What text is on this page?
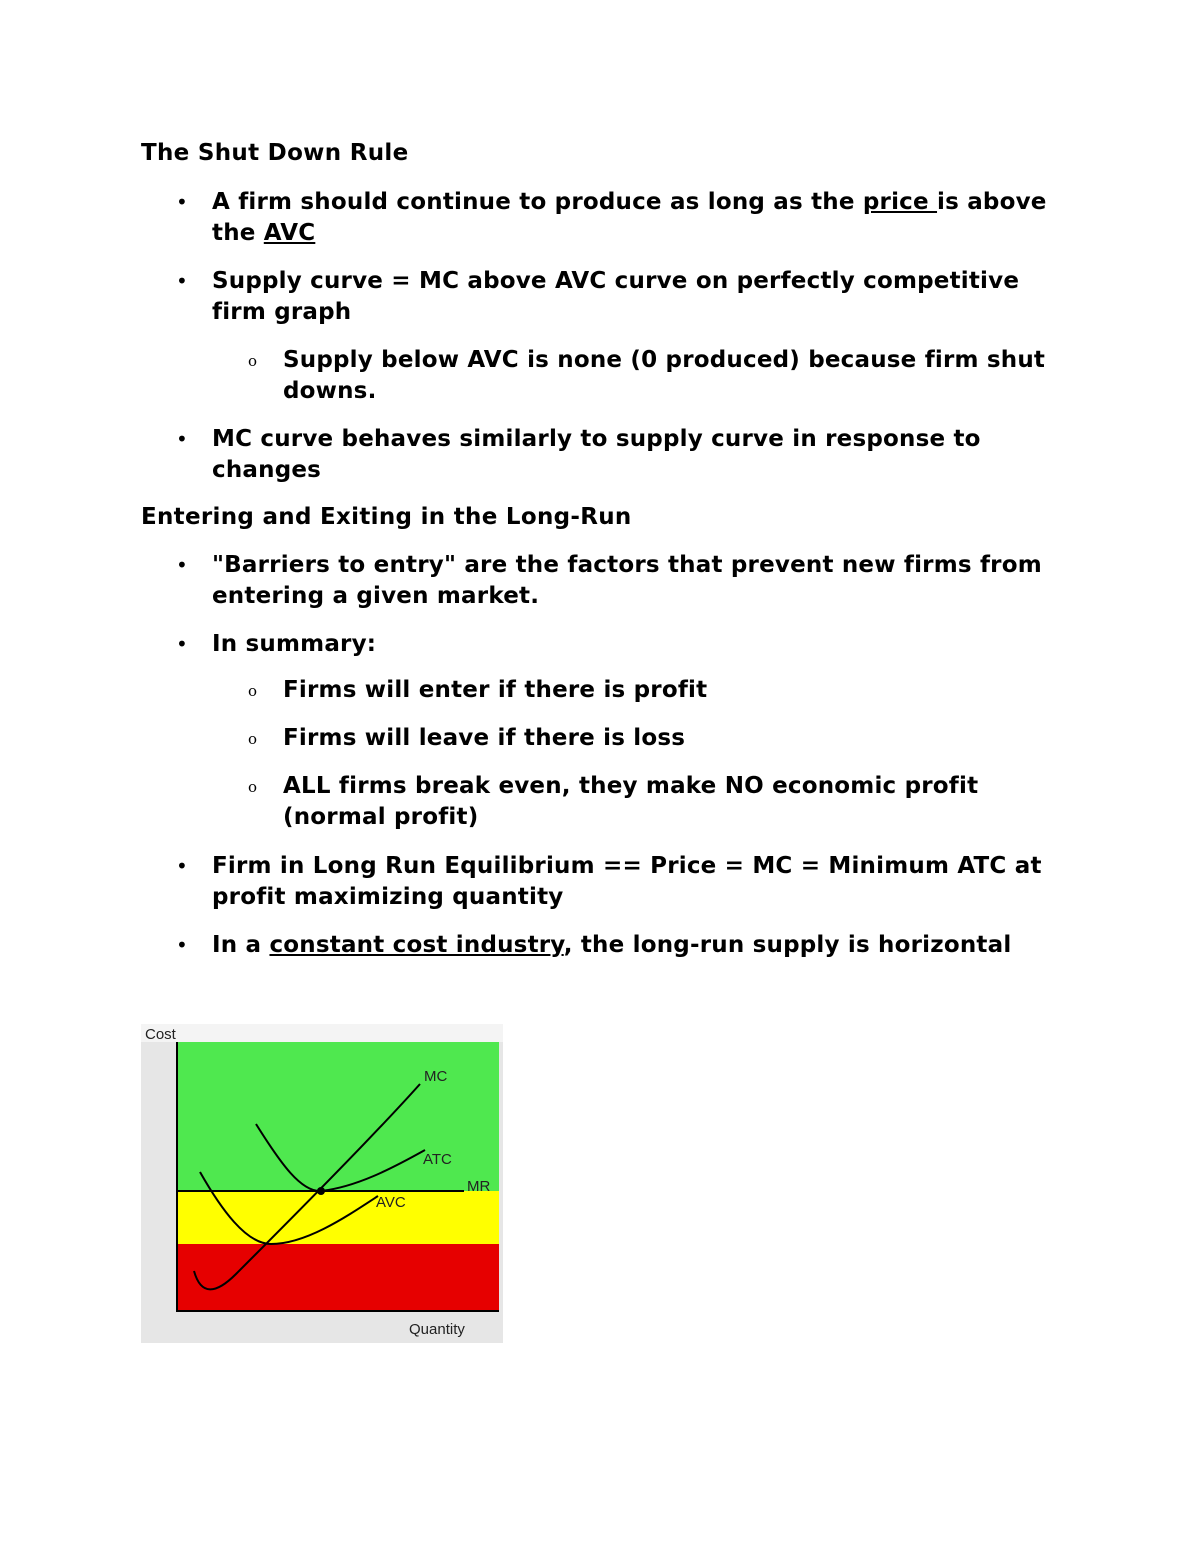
The Shut Down Rule
• A firm should continue to produce as long as the price is above the AVC
• Supply curve = MC above AVC curve on perfectly competitive firm graph
o Supply below AVC is none (0 produced) because firm shut downs.
• MC curve behaves similarly to supply curve in response to changes
Entering and Exiting in the Long-Run
• "Barriers to entry" are the factors that prevent new firms from entering a given market.
• In summary:
o Firms will enter if there is profit
o Firms will leave if there is loss
o ALL firms break even, they make NO economic profit (normal profit)
• Firm in Long Run Equilibrium == Price = MC = Minimum ATC at profit maximizing quantity
• In a constant cost industry, the long-run supply is horizontal
Cost
Quantity
MC
ATC
AVC
MR
